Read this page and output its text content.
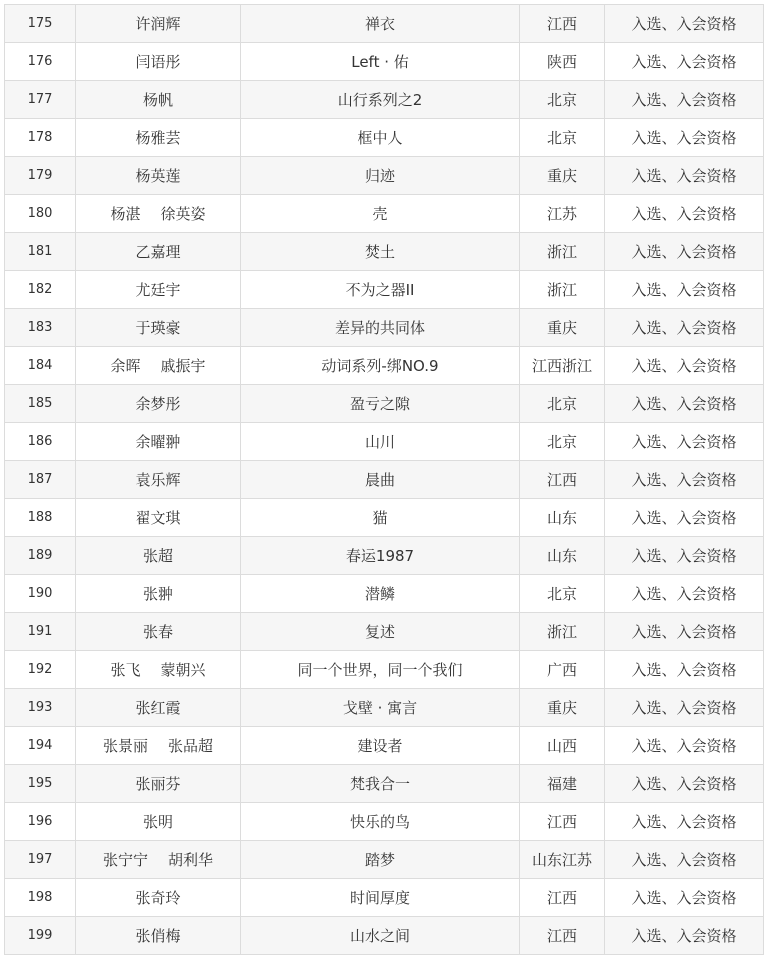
175	许润辉	禅衣	江西	入选、入会资格
176	闫语彤	Left · 佑	陕西	入选、入会资格
177	杨帆	山行系列之2	北京	入选、入会资格
178	杨雅芸	框中人	北京	入选、入会资格
179	杨英莲	归迹	重庆	入选、入会资格
180	杨湛 徐英姿	壳	江苏	入选、入会资格
181	乙嘉理	焚土	浙江	入选、入会资格
182	尤廷宇	不为之器II	浙江	入选、入会资格
183	于瑛豪	差异的共同体	重庆	入选、入会资格
184	余晖 戚振宇	动词系列-绑NO.9	江西浙江	入选、入会资格
185	余梦彤	盈亏之隙	北京	入选、入会资格
186	余曜翀	山川	北京	入选、入会资格
187	袁乐辉	晨曲	江西	入选、入会资格
188	翟文琪	猫	山东	入选、入会资格
189	张超	春运1987	山东	入选、入会资格
190	张翀	潜鳞	北京	入选、入会资格
191	张春	复述	浙江	入选、入会资格
192	张飞 蒙朝兴	同一个世界，同一个我们	广西	入选、入会资格
193	张红霞	戈壁 · 寓言	重庆	入选、入会资格
194	张景丽 张品超	建设者	山西	入选、入会资格
195	张丽芬	梵我合一	福建	入选、入会资格
196	张明	快乐的鸟	江西	入选、入会资格
197	张宁宁 胡利华	踏梦	山东江苏	入选、入会资格
198	张奇玲	时间厚度	江西	入选、入会资格
199	张俏梅	山水之间	江西	入选、入会资格
